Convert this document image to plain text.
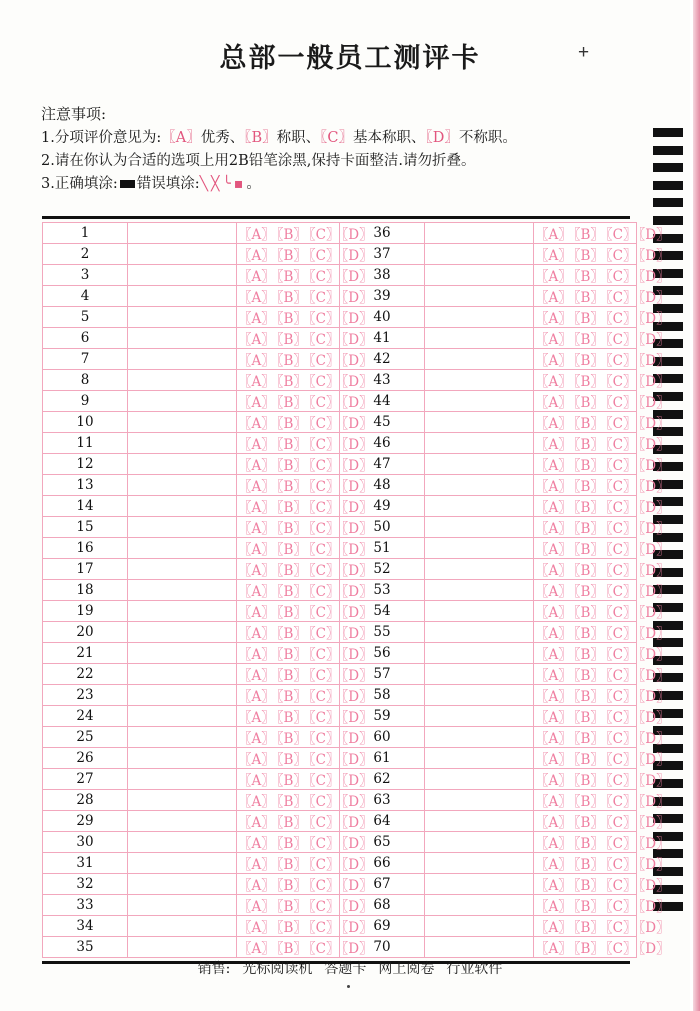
总部一般员工测评卡	+
注意事项:
1.分项评价意见为:〖A〗优秀、〖B〗称职、〖C〗基本称职、〖D〗不称职。
2.请在你认为合适的选项上用2B铅笔涂黑,保持卡面整洁.请勿折叠。
3.正确填涂: 错误填涂:╲╳╰▪。
1		〖A〗 〖B〗 〖C〗 〖D〗	36		〖A〗 〖B〗 〖C〗 〖D〗
2		〖A〗 〖B〗 〖C〗 〖D〗	37		〖A〗 〖B〗 〖C〗 〖D〗
3		〖A〗 〖B〗 〖C〗 〖D〗	38		〖A〗 〖B〗 〖C〗 〖D〗
4		〖A〗 〖B〗 〖C〗 〖D〗	39		〖A〗 〖B〗 〖C〗 〖D〗
5		〖A〗 〖B〗 〖C〗 〖D〗	40		〖A〗 〖B〗 〖C〗 〖D〗
6		〖A〗 〖B〗 〖C〗 〖D〗	41		〖A〗 〖B〗 〖C〗 〖D〗
7		〖A〗 〖B〗 〖C〗 〖D〗	42		〖A〗 〖B〗 〖C〗 〖D〗
8		〖A〗 〖B〗 〖C〗 〖D〗	43		〖A〗 〖B〗 〖C〗 〖D〗
9		〖A〗 〖B〗 〖C〗 〖D〗	44		〖A〗 〖B〗 〖C〗 〖D〗
10		〖A〗 〖B〗 〖C〗 〖D〗	45		〖A〗 〖B〗 〖C〗 〖D〗
11		〖A〗 〖B〗 〖C〗 〖D〗	46		〖A〗 〖B〗 〖C〗 〖D〗
12		〖A〗 〖B〗 〖C〗 〖D〗	47		〖A〗 〖B〗 〖C〗 〖D〗
13		〖A〗 〖B〗 〖C〗 〖D〗	48		〖A〗 〖B〗 〖C〗 〖D〗
14		〖A〗 〖B〗 〖C〗 〖D〗	49		〖A〗 〖B〗 〖C〗 〖D〗
15		〖A〗 〖B〗 〖C〗 〖D〗	50		〖A〗 〖B〗 〖C〗 〖D〗
16		〖A〗 〖B〗 〖C〗 〖D〗	51		〖A〗 〖B〗 〖C〗 〖D〗
17		〖A〗 〖B〗 〖C〗 〖D〗	52		〖A〗 〖B〗 〖C〗 〖D〗
18		〖A〗 〖B〗 〖C〗 〖D〗	53		〖A〗 〖B〗 〖C〗 〖D〗
19		〖A〗 〖B〗 〖C〗 〖D〗	54		〖A〗 〖B〗 〖C〗 〖D〗
20		〖A〗 〖B〗 〖C〗 〖D〗	55		〖A〗 〖B〗 〖C〗 〖D〗
21		〖A〗 〖B〗 〖C〗 〖D〗	56		〖A〗 〖B〗 〖C〗 〖D〗
22		〖A〗 〖B〗 〖C〗 〖D〗	57		〖A〗 〖B〗 〖C〗 〖D〗
23		〖A〗 〖B〗 〖C〗 〖D〗	58		〖A〗 〖B〗 〖C〗 〖D〗
24		〖A〗 〖B〗 〖C〗 〖D〗	59		〖A〗 〖B〗 〖C〗 〖D〗
25		〖A〗 〖B〗 〖C〗 〖D〗	60		〖A〗 〖B〗 〖C〗 〖D〗
26		〖A〗 〖B〗 〖C〗 〖D〗	61		〖A〗 〖B〗 〖C〗 〖D〗
27		〖A〗 〖B〗 〖C〗 〖D〗	62		〖A〗 〖B〗 〖C〗 〖D〗
28		〖A〗 〖B〗 〖C〗 〖D〗	63		〖A〗 〖B〗 〖C〗 〖D〗
29		〖A〗 〖B〗 〖C〗 〖D〗	64		〖A〗 〖B〗 〖C〗 〖D〗
30		〖A〗 〖B〗 〖C〗 〖D〗	65		〖A〗 〖B〗 〖C〗 〖D〗
31		〖A〗 〖B〗 〖C〗 〖D〗	66		〖A〗 〖B〗 〖C〗 〖D〗
32		〖A〗 〖B〗 〖C〗 〖D〗	67		〖A〗 〖B〗 〖C〗 〖D〗
33		〖A〗 〖B〗 〖C〗 〖D〗	68		〖A〗 〖B〗 〖C〗 〖D〗
34		〖A〗 〖B〗 〖C〗 〖D〗	69		〖A〗 〖B〗 〖C〗 〖D〗
35		〖A〗 〖B〗 〖C〗 〖D〗	70		〖A〗 〖B〗 〖C〗 〖D〗
销售: 光标阅读机 答题卡 网上阅卷 行业软件
